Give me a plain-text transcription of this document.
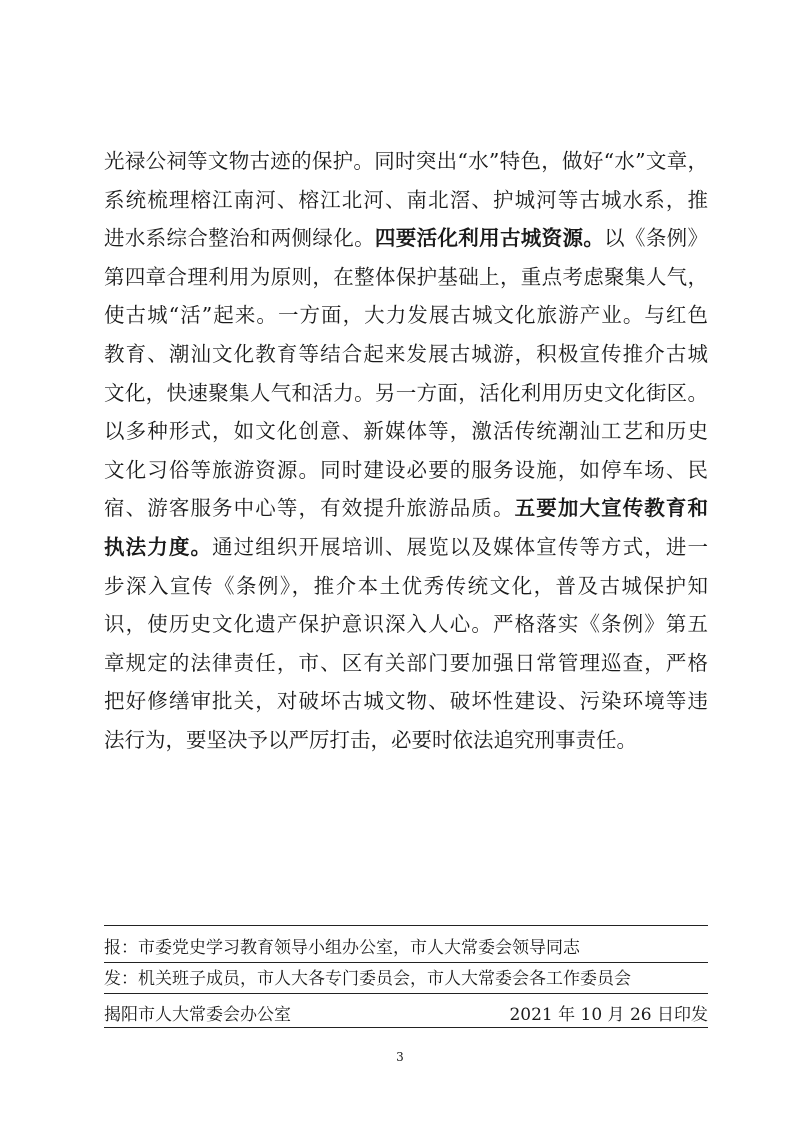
光禄公祠等文物古迹的保护。同时突出“水”特色，做好“水”文章，
系统梳理榕江南河、榕江北河、南北滘、护城河等古城水系，推
进水系综合整治和两侧绿化。四要活化利用古城资源。以《条例》
第四章合理利用为原则，在整体保护基础上，重点考虑聚集人气，
使古城“活”起来。一方面，大力发展古城文化旅游产业。与红色
教育、潮汕文化教育等结合起来发展古城游，积极宣传推介古城
文化，快速聚集人气和活力。另一方面，活化利用历史文化街区。
以多种形式，如文化创意、新媒体等，激活传统潮汕工艺和历史
文化习俗等旅游资源。同时建设必要的服务设施，如停车场、民
宿、游客服务中心等，有效提升旅游品质。五要加大宣传教育和
执法力度。通过组织开展培训、展览以及媒体宣传等方式，进一
步深入宣传《条例》，推介本土优秀传统文化，普及古城保护知
识，使历史文化遗产保护意识深入人心。严格落实《条例》第五
章规定的法律责任，市、区有关部门要加强日常管理巡查，严格
把好修缮审批关，对破坏古城文物、破坏性建设、污染环境等违
法行为，要坚决予以严厉打击，必要时依法追究刑事责任。
报：市委党史学习教育领导小组办公室，市人大常委会领导同志
发：机关班子成员，市人大各专门委员会，市人大常委会各工作委员会
揭阳市人大常委会办公室	2021 年 10 月 26 日印发
3
